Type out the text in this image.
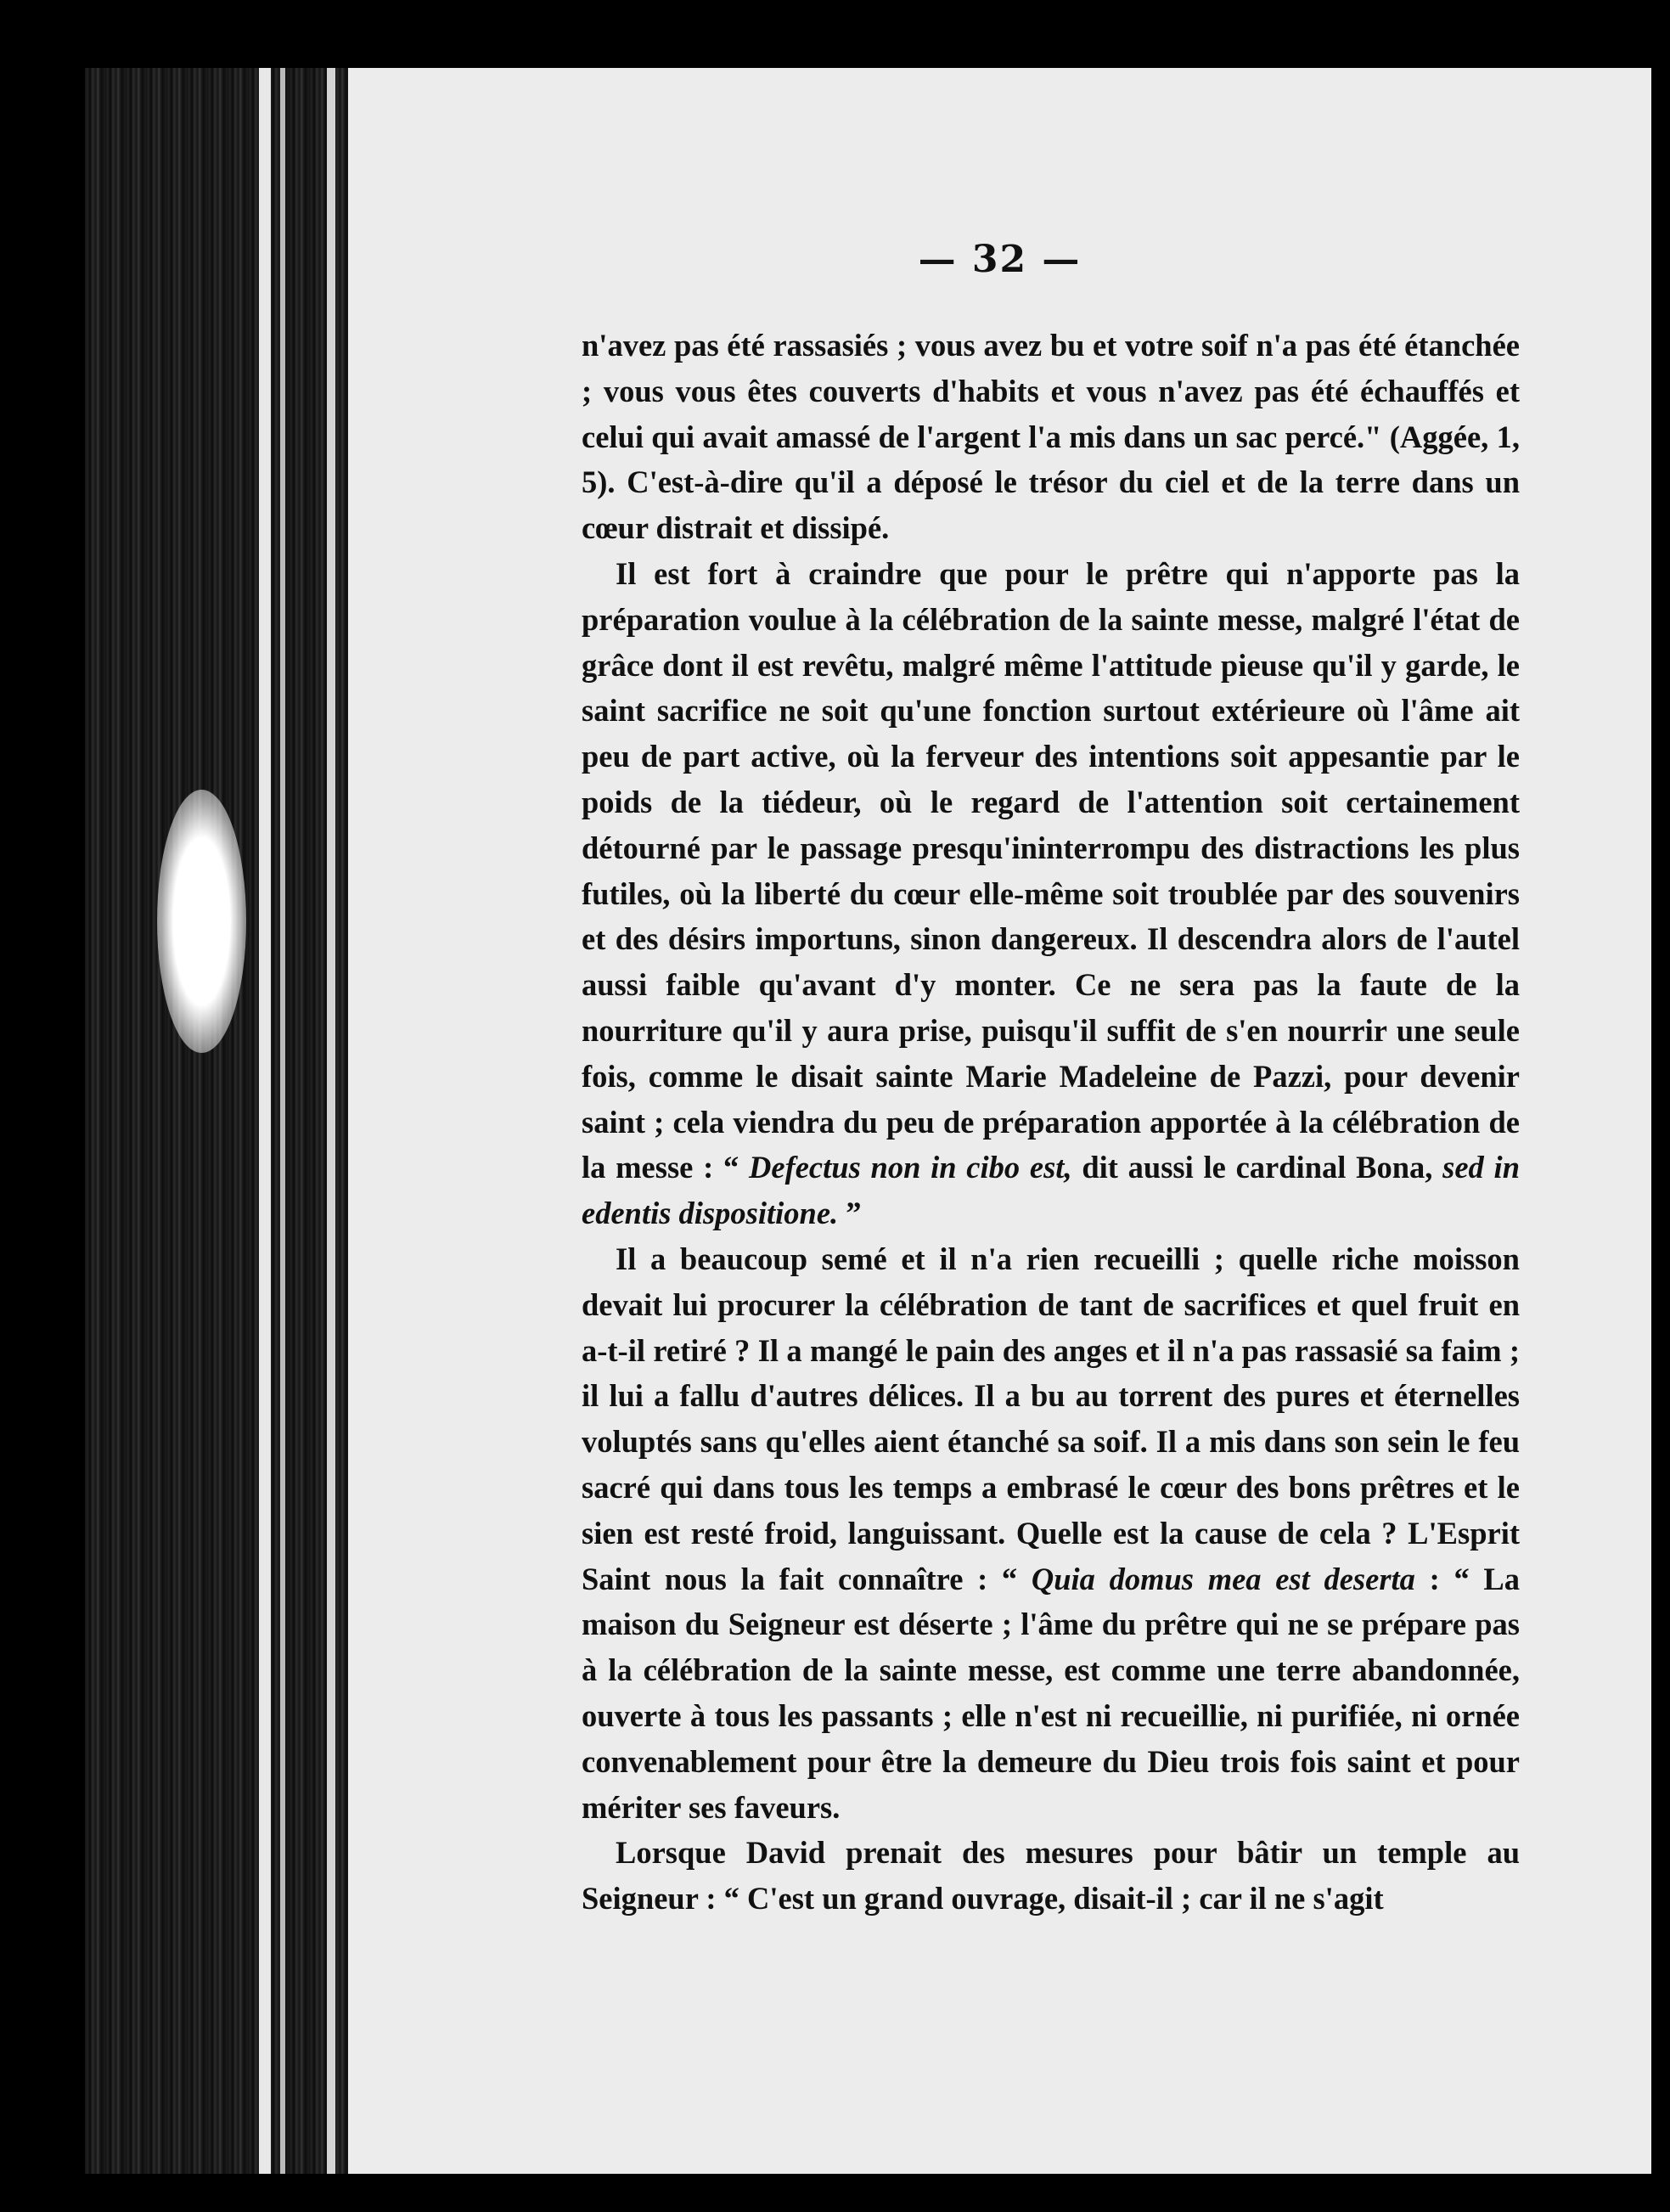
— 32 —

n'avez pas été rassasiés ; vous avez bu et votre soif n'a pas été étanchée ; vous vous êtes couverts d'habits et vous n'avez pas été échauffés et celui qui avait amassé de l'argent l'a mis dans un sac percé." (Aggée, 1, 5). C'est-à-dire qu'il a déposé le trésor du ciel et de la terre dans un cœur distrait et dissipé.

Il est fort à craindre que pour le prêtre qui n'apporte pas la préparation voulue à la célébration de la sainte messe, malgré l'état de grâce dont il est revêtu, malgré même l'attitude pieuse qu'il y garde, le saint sacrifice ne soit qu'une fonction surtout extérieure où l'âme ait peu de part active, où la ferveur des intentions soit appesantie par le poids de la tiédeur, où le regard de l'attention soit certainement détourné par le passage presqu'ininterrompu des distractions les plus futiles, où la liberté du cœur elle-même soit troublée par des souvenirs et des désirs importuns, sinon dangereux. Il descendra alors de l'autel aussi faible qu'avant d'y monter. Ce ne sera pas la faute de la nourriture qu'il y aura prise, puisqu'il suffit de s'en nourrir une seule fois, comme le disait sainte Marie Madeleine de Pazzi, pour devenir saint ; cela viendra du peu de préparation apportée à la célébration de la messe : “ Defectus non in cibo est, dit aussi le cardinal Bona, sed in edentis dispositione. ”

Il a beaucoup semé et il n'a rien recueilli ; quelle riche moisson devait lui procurer la célébration de tant de sacrifices et quel fruit en a-t-il retiré ? Il a mangé le pain des anges et il n'a pas rassasié sa faim ; il lui a fallu d'autres délices. Il a bu au torrent des pures et éternelles voluptés sans qu'elles aient étanché sa soif. Il a mis dans son sein le feu sacré qui dans tous les temps a embrasé le cœur des bons prêtres et le sien est resté froid, languissant. Quelle est la cause de cela ? L'Esprit Saint nous la fait connaître : “ Quia domus mea est deserta : “ La maison du Seigneur est déserte ; l'âme du prêtre qui ne se prépare pas à la célébration de la sainte messe, est comme une terre abandonnée, ouverte à tous les passants ; elle n'est ni recueillie, ni purifiée, ni ornée convenablement pour être la demeure du Dieu trois fois saint et pour mériter ses faveurs.

Lorsque David prenait des mesures pour bâtir un temple au Seigneur : “ C'est un grand ouvrage, disait-il ; car il ne s'agit
